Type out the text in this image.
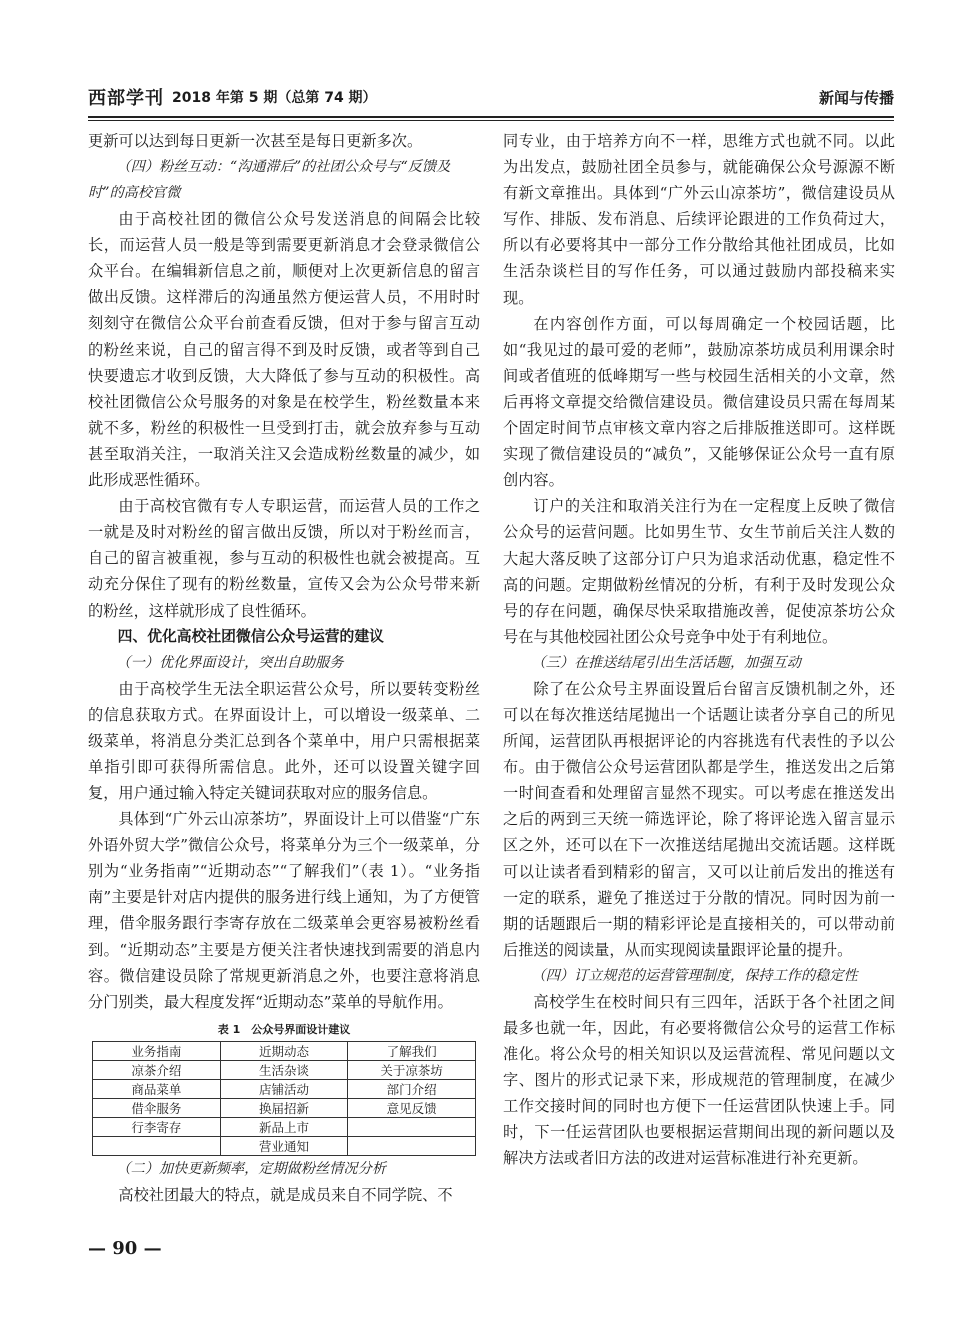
西部学刊 2018 年第 5 期（总第 74 期）	新闻与传播

更新可以达到每日更新一次甚至是每日更新多次。

（四）粉丝互动：“沟通滞后”的社团公众号与“反馈及时”的高校官微

由于高校社团的微信公众号发送消息的间隔会比较长，而运营人员一般是等到需要更新消息才会登录微信公众平台。在编辑新信息之前，顺便对上次更新信息的留言做出反馈。这样滞后的沟通虽然方便运营人员，不用时时刻刻守在微信公众平台前查看反馈，但对于参与留言互动的粉丝来说，自己的留言得不到及时反馈，或者等到自己快要遗忘才收到反馈，大大降低了参与互动的积极性。高校社团微信公众号服务的对象是在校学生，粉丝数量本来就不多，粉丝的积极性一旦受到打击，就会放弃参与互动甚至取消关注，一取消关注又会造成粉丝数量的减少，如此形成恶性循环。

由于高校官微有专人专职运营，而运营人员的工作之一就是及时对粉丝的留言做出反馈，所以对于粉丝而言，自己的留言被重视，参与互动的积极性也就会被提高。互动充分保住了现有的粉丝数量，宣传又会为公众号带来新的粉丝，这样就形成了良性循环。

四、优化高校社团微信公众号运营的建议

（一）优化界面设计，突出自助服务

由于高校学生无法全职运营公众号，所以要转变粉丝的信息获取方式。在界面设计上，可以增设一级菜单、二级菜单，将消息分类汇总到各个菜单中，用户只需根据菜单指引即可获得所需信息。此外，还可以设置关键字回复，用户通过输入特定关键词获取对应的服务信息。

具体到“广外云山凉茶坊”，界面设计上可以借鉴“广东外语外贸大学”微信公众号，将菜单分为三个一级菜单，分别为“业务指南”“近期动态”“了解我们”（表 1）。“业务指南”主要是针对店内提供的服务进行线上通知，为了方便管理，借伞服务跟行李寄存放在二级菜单会更容易被粉丝看到。“近期动态”主要是方便关注者快速找到需要的消息内容。微信建设员除了常规更新消息之外，也要注意将消息分门别类，最大程度发挥“近期动态”菜单的导航作用。

表 1　公众号界面设计建议
业务指南	近期动态	了解我们
凉茶介绍	生活杂谈	关于凉茶坊
商品菜单	店铺活动	部门介绍
借伞服务	换届招新	意见反馈
行李寄存	新品上市	
	营业通知	

（二）加快更新频率，定期做粉丝情况分析

高校社团最大的特点，就是成员来自不同学院、不

同专业，由于培养方向不一样，思维方式也就不同。以此为出发点，鼓励社团全员参与，就能确保公众号源源不断有新文章推出。具体到“广外云山凉茶坊”，微信建设员从写作、排版、发布消息、后续评论跟进的工作负荷过大，所以有必要将其中一部分工作分散给其他社团成员，比如生活杂谈栏目的写作任务，可以通过鼓励内部投稿来实现。

在内容创作方面，可以每周确定一个校园话题，比如“我见过的最可爱的老师”，鼓励凉茶坊成员利用课余时间或者值班的低峰期写一些与校园生活相关的小文章，然后再将文章提交给微信建设员。微信建设员只需在每周某个固定时间节点审核文章内容之后排版推送即可。这样既实现了微信建设员的“减负”，又能够保证公众号一直有原创内容。

订户的关注和取消关注行为在一定程度上反映了微信公众号的运营问题。比如男生节、女生节前后关注人数的大起大落反映了这部分订户只为追求活动优惠，稳定性不高的问题。定期做粉丝情况的分析，有利于及时发现公众号的存在问题，确保尽快采取措施改善，促使凉茶坊公众号在与其他校园社团公众号竞争中处于有利地位。

（三）在推送结尾引出生活话题，加强互动

除了在公众号主界面设置后台留言反馈机制之外，还可以在每次推送结尾抛出一个话题让读者分享自己的所见所闻，运营团队再根据评论的内容挑选有代表性的予以公布。由于微信公众号运营团队都是学生，推送发出之后第一时间查看和处理留言显然不现实。可以考虑在推送发出之后的两到三天统一筛选评论，除了将评论选入留言显示区之外，还可以在下一次推送结尾抛出交流话题。这样既可以让读者看到精彩的留言，又可以让前后发出的推送有一定的联系，避免了推送过于分散的情况。同时因为前一期的话题跟后一期的精彩评论是直接相关的，可以带动前后推送的阅读量，从而实现阅读量跟评论量的提升。

（四）订立规范的运营管理制度，保持工作的稳定性

高校学生在校时间只有三四年，活跃于各个社团之间最多也就一年，因此，有必要将微信公众号的运营工作标准化。将公众号的相关知识以及运营流程、常见问题以文字、图片的形式记录下来，形成规范的管理制度，在减少工作交接时间的同时也方便下一任运营团队快速上手。同时，下一任运营团队也要根据运营期间出现的新问题以及解决方法或者旧方法的改进对运营标准进行补充更新。

— 90 —
